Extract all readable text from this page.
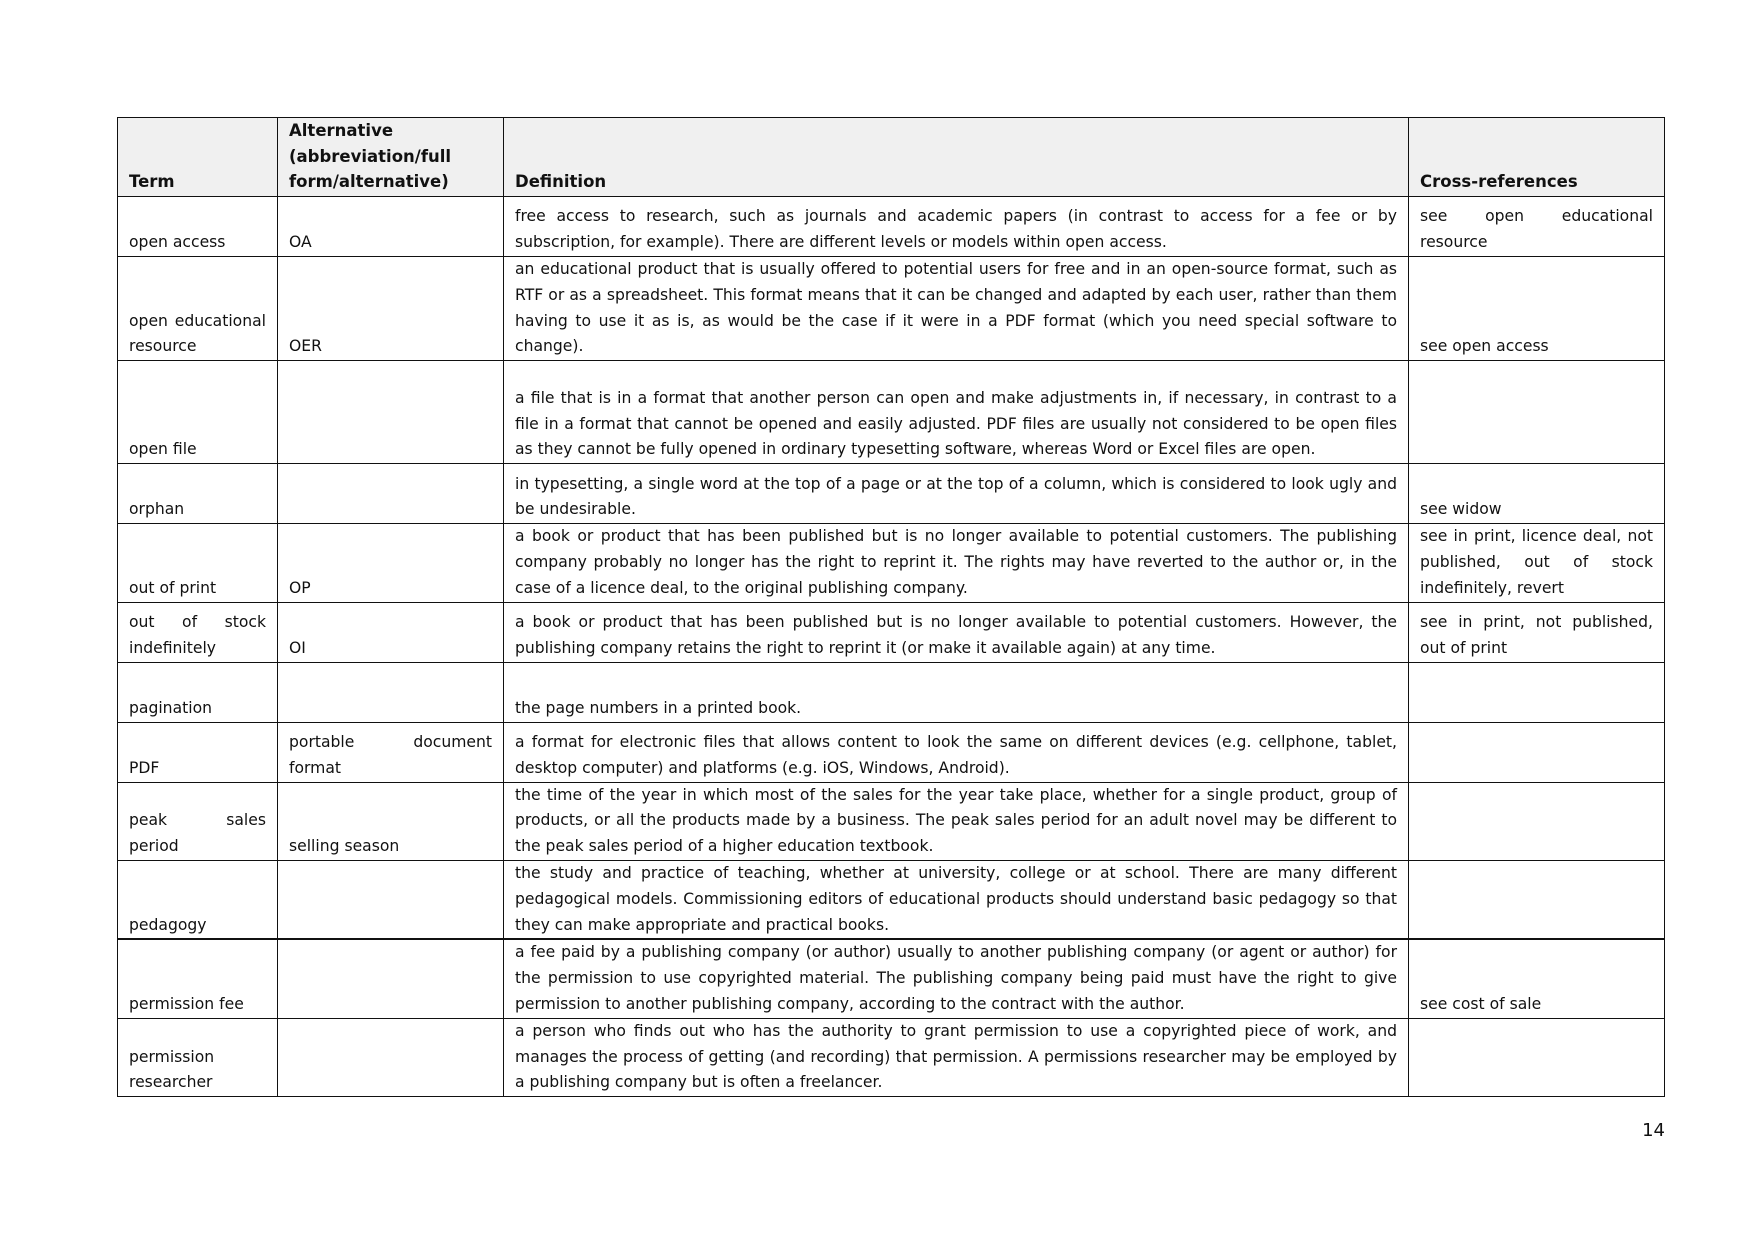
Term	Alternative (abbreviation/full form/alternative)	Definition	Cross-references
open access	OA	free access to research, such as journals and academic papers (in contrast to access for a fee or by subscription, for example). There are different levels or models within open access.	see open educational resource
open educational resource	OER	an educational product that is usually offered to potential users for free and in an open-source format, such as RTF or as a spreadsheet. This format means that it can be changed and adapted by each user, rather than them having to use it as is, as would be the case if it were in a PDF format (which you need special software to change).	see open access
open file		a file that is in a format that another person can open and make adjustments in, if necessary, in contrast to a file in a format that cannot be opened and easily adjusted. PDF files are usually not considered to be open files as they cannot be fully opened in ordinary typesetting software, whereas Word or Excel files are open.	
orphan		in typesetting, a single word at the top of a page or at the top of a column, which is considered to look ugly and be undesirable.	see widow
out of print	OP	a book or product that has been published but is no longer available to potential customers. The publishing company probably no longer has the right to reprint it. The rights may have reverted to the author or, in the case of a licence deal, to the original publishing company.	see in print, licence deal, not published, out of stock indefinitely, revert
out of stock indefinitely	OI	a book or product that has been published but is no longer available to potential customers. However, the publishing company retains the right to reprint it (or make it available again) at any time.	see in print, not published, out of print
pagination		the page numbers in a printed book.	
PDF	portable document format	a format for electronic files that allows content to look the same on different devices (e.g. cellphone, tablet, desktop computer) and platforms (e.g. iOS, Windows, Android).	
peak sales period	selling season	the time of the year in which most of the sales for the year take place, whether for a single product, group of products, or all the products made by a business. The peak sales period for an adult novel may be different to the peak sales period of a higher education textbook.	
pedagogy		the study and practice of teaching, whether at university, college or at school. There are many different pedagogical models. Commissioning editors of educational products should understand basic pedagogy so that they can make appropriate and practical books.	
permission fee		a fee paid by a publishing company (or author) usually to another publishing company (or agent or author) for the permission to use copyrighted material. The publishing company being paid must have the right to give permission to another publishing company, according to the contract with the author.	see cost of sale
permission researcher		a person who finds out who has the authority to grant permission to use a copyrighted piece of work, and manages the process of getting (and recording) that permission. A permissions researcher may be employed by a publishing company but is often a freelancer.	
14
